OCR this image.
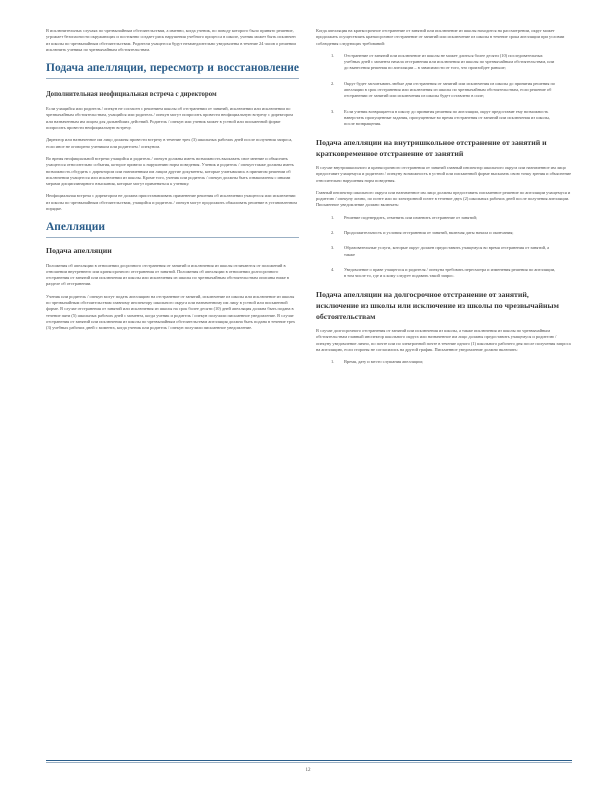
В исключительных случаях по чрезвычайным обстоятельствам, а именно, когда ученик, по поводу которого было принято решение, угрожает безопасности окружающих и постоянно создает риск нарушения учебного процесса в школе, ученик может быть исключен из школы по чрезвычайным обстоятельствам. Родители учащегося будут незамедлительно уведомлены в течение 24 часов о решении исключить ученика по чрезвычайным обстоятельствам.

Подача апелляции, пересмотр и восстановление
Дополнительная неофициальная встреча с директором

Если учащийся или родитель / опекун не согласен с решением школы об отстранении от занятий, исключении или исключении по чрезвычайным обстоятельствам, учащийся или родитель / опекун могут попросить провести неофициальную встречу с директором или назначенным им лицом для дальнейших действий. Родитель / опекун или ученик может в устной или письменной форме попросить провести неофициальную встречу.

Директор или назначенное им лицо должны провести встречу в течение трех (3) школьных рабочих дней после получения запроса, если иное не оговорено учеником или родителем / опекуном.

Во время неофициальной встречи учащийся и родитель / опекун должны иметь возможность высказать свое мнение и объяснить учащегося относительно события, которое привело к нарушению норм поведения. Ученик и родитель / опекун также должны иметь возможность обсудить с директором или назначенным им лицом другие документы, которые учитывались в принятом решении об исключении учащегося или исключении из школы. Кроме того, ученик или родитель / опекун должны быть ознакомлены с иными мерами дисциплинарного взыскания, которые могут применяться к ученику.

Неофициальная встреча с директором не должна приостанавливать применение решения об исключении учащегося или исключении из школы по чрезвычайным обстоятельствам, учащийся и родитель / опекун могут продолжить обжаловать решение в установленном порядке.

Апелляции
Подача апелляции

Положения об апелляции в отношении досрочного отстранения от занятий и исключения из школы отличаются от положений в отношении внутреннего или краткосрочного отстранения от занятий. Положения об апелляции в отношении долгосрочного отстранения от занятий или исключения из школы или исключения из школы по чрезвычайным обстоятельствам описаны ниже в разделе об отстранении.

Ученик или родитель / опекун могут подать апелляцию на отстранение от занятий, исключение из школы или исключение из школы по чрезвычайным обстоятельствам главному инспектору школьного округа или назначенному им лицу в устной или письменной форме. В случае отстранения от занятий или исключения из школы на срок более десяти (10) дней апелляция должна быть подана в течение пяти (5) школьных рабочих дней с момента, когда ученик и родитель / опекун получили письменное уведомление. В случае отстранения от занятий или исключения из школы по чрезвычайным обстоятельствам апелляция должна быть подана в течение трех (3) учебных рабочих дней с момента, когда ученик или родитель / опекун получили письменное уведомление.

Когда апелляция на краткосрочное отстранение от занятий или исключение из школы находится на рассмотрении, округ может продолжать осуществлять краткосрочное отстранение от занятий или исключение из школы в течение срока апелляции при условии соблюдения следующих требований:

1.	Отстранение от занятий или исключение из школы не может длиться более десяти (10) последовательных учебных дней с момента начала отстранения или исключения из школы по чрезвычайным обстоятельствам, или до вынесения решения по апелляции – в зависимости от того, что произойдет раньше;
2.	Округ будет засчитывать любые дни отстранения от занятий или исключения из школы до принятия решения по апелляции в срок отстранения или исключения из школы по чрезвычайным обстоятельствам, если решение об отстранении от занятий или исключения из школы будет оставлено в силе;
3.	Если ученик возвращается в школу до принятия решения по апелляции, округ предоставит ему возможность наверстать пропущенные задания, пропущенные во время отстранения от занятий или исключения из школы, после возвращения.
Подача апелляции на внутришкольное отстранение от занятий и кратковременное отстранение от занятий

В случае внутришкольного и краткосрочного отстранения от занятий главный инспектор школьного округа или назначенное им лицо предоставит учащемуся и родителю / опекуну возможность в устной или письменной форме высказать свою точку зрения и объяснение относительно нарушения норм поведения.

Главный инспектор школьного округа или назначенное им лицо должны предоставить письменное решение по апелляции учащемуся и родителю / опекуну лично, по почте или по электронной почте в течение двух (2) школьных рабочих дней после получения апелляции. Письменное уведомление должно включать:

1.	Решение подтвердить, отменить или изменить отстранение от занятий;
2.	Продолжительность и условия отстранения от занятий, включая даты начала и окончания;
3.	Образовательные услуги, которые округ должен предоставить учащемуся во время отстранения от занятий, а также
4.	Уведомление о праве учащегося и родителя / опекуна требовать пересмотра и изменения решения по апелляции, в том числе то, где и к кому следует подавать такой запрос.
Подача апелляции на долгосрочное отстранение от занятий, исключение из школы или исключение из школы по чрезвычайным обстоятельствам

В случае долгосрочного отстранения от занятий или исключения из школы, а также исключения из школы по чрезвычайным обстоятельствам главный инспектор школьного округа или назначенное им лицо должны предоставить учащемуся и родителю / опекуну уведомление лично, по почте или по электронной почте в течение одного (1) школьного рабочего дня после получения запроса на апелляцию, если стороны не согласились на другой график. Письменное уведомление должно включать:

1.	Время, дату и место слушания апелляции;
12
